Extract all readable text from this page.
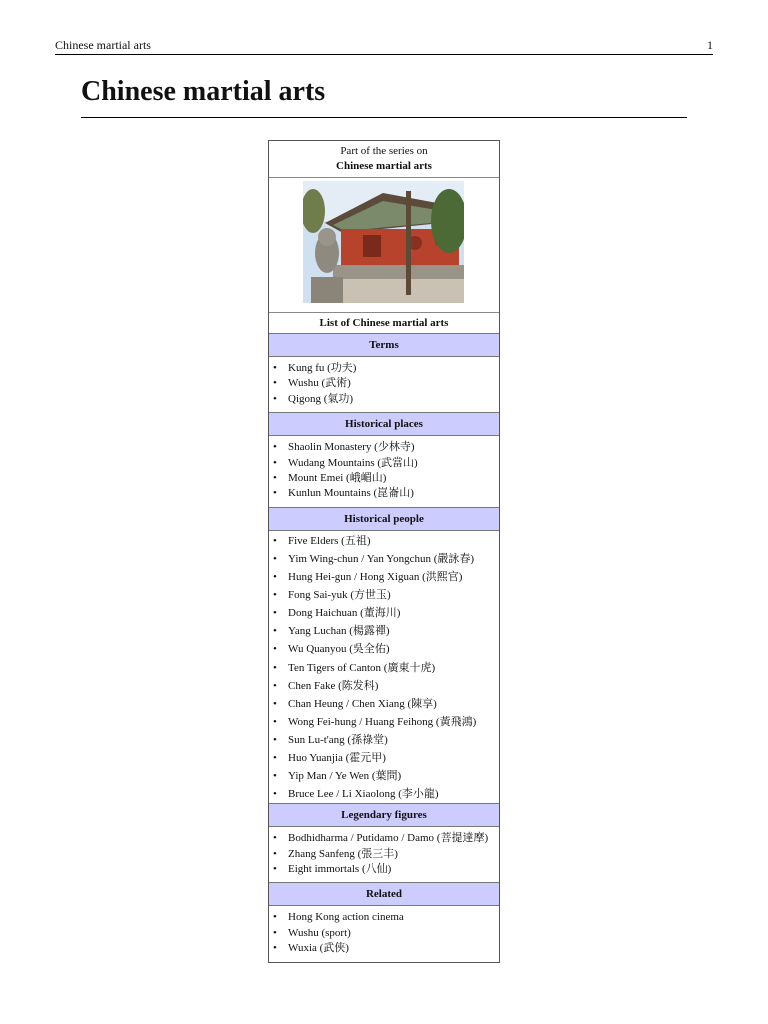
Chinese martial arts	1
Chinese martial arts
Part of the series on
Chinese martial arts
List of Chinese martial arts
Terms
• Kung fu (功夫)
• Wushu (武術)
• Qigong (氣功)
Historical places
• Shaolin Monastery (少林寺)
• Wudang Mountains (武當山)
• Mount Emei (峨嵋山)
• Kunlun Mountains (崑崙山)
Historical people
• Five Elders (五祖)
• Yim Wing-chun / Yan Yongchun (嚴詠春)
• Hung Hei-gun / Hong Xiguan (洪熙官)
• Fong Sai-yuk (方世玉)
• Dong Haichuan (董海川)
• Yang Luchan (楊露禪)
• Wu Quanyou (吳全佑)
• Ten Tigers of Canton (廣東十虎)
• Chen Fake (陈发科)
• Chan Heung / Chen Xiang (陳享)
• Wong Fei-hung / Huang Feihong (黃飛鴻)
• Sun Lu-t'ang (孫祿堂)
• Huo Yuanjia (霍元甲)
• Yip Man / Ye Wen (葉問)
• Bruce Lee / Li Xiaolong (李小龍)
Legendary figures
• Bodhidharma / Putidamo / Damo (菩提達摩)
• Zhang Sanfeng (張三丰)
• Eight immortals (八仙)
Related
• Hong Kong action cinema
• Wushu (sport)
• Wuxia (武俠)
